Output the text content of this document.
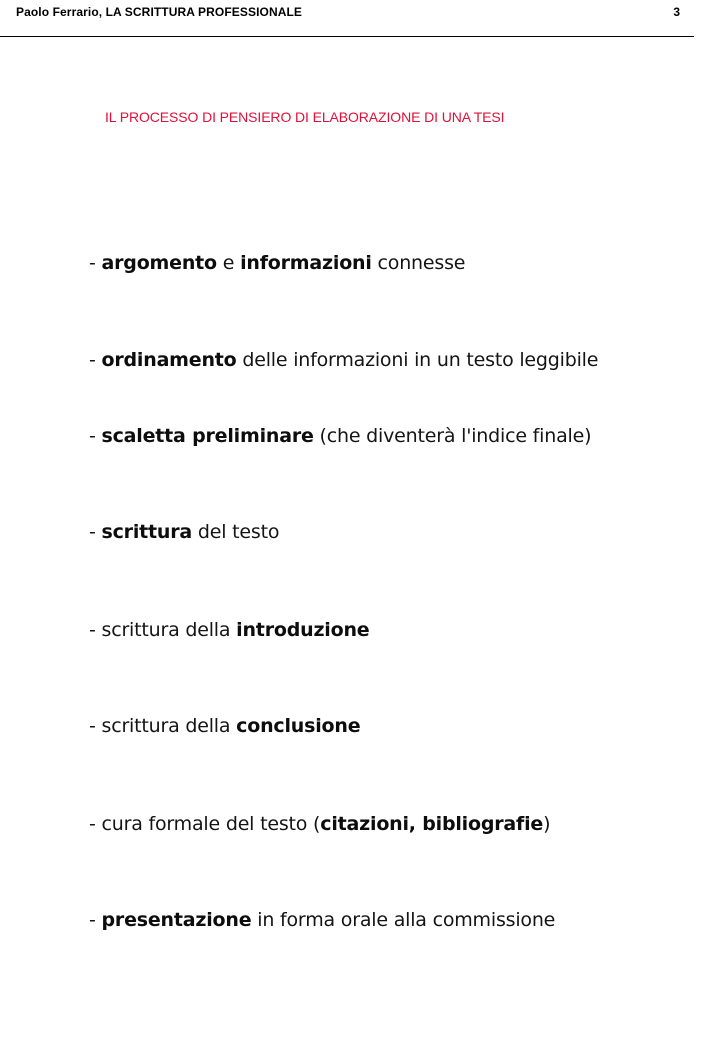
Paolo Ferrario, LA SCRITTURA PROFESSIONALE	3
IL PROCESSO DI PENSIERO DI ELABORAZIONE DI UNA TESI
- argomento e informazioni connesse
- ordinamento delle informazioni in un testo leggibile
- scaletta preliminare (che diventerà l'indice finale)
- scrittura del testo
- scrittura della introduzione
- scrittura della conclusione
- cura formale del testo (citazioni, bibliografie)
- presentazione in forma orale alla commissione
